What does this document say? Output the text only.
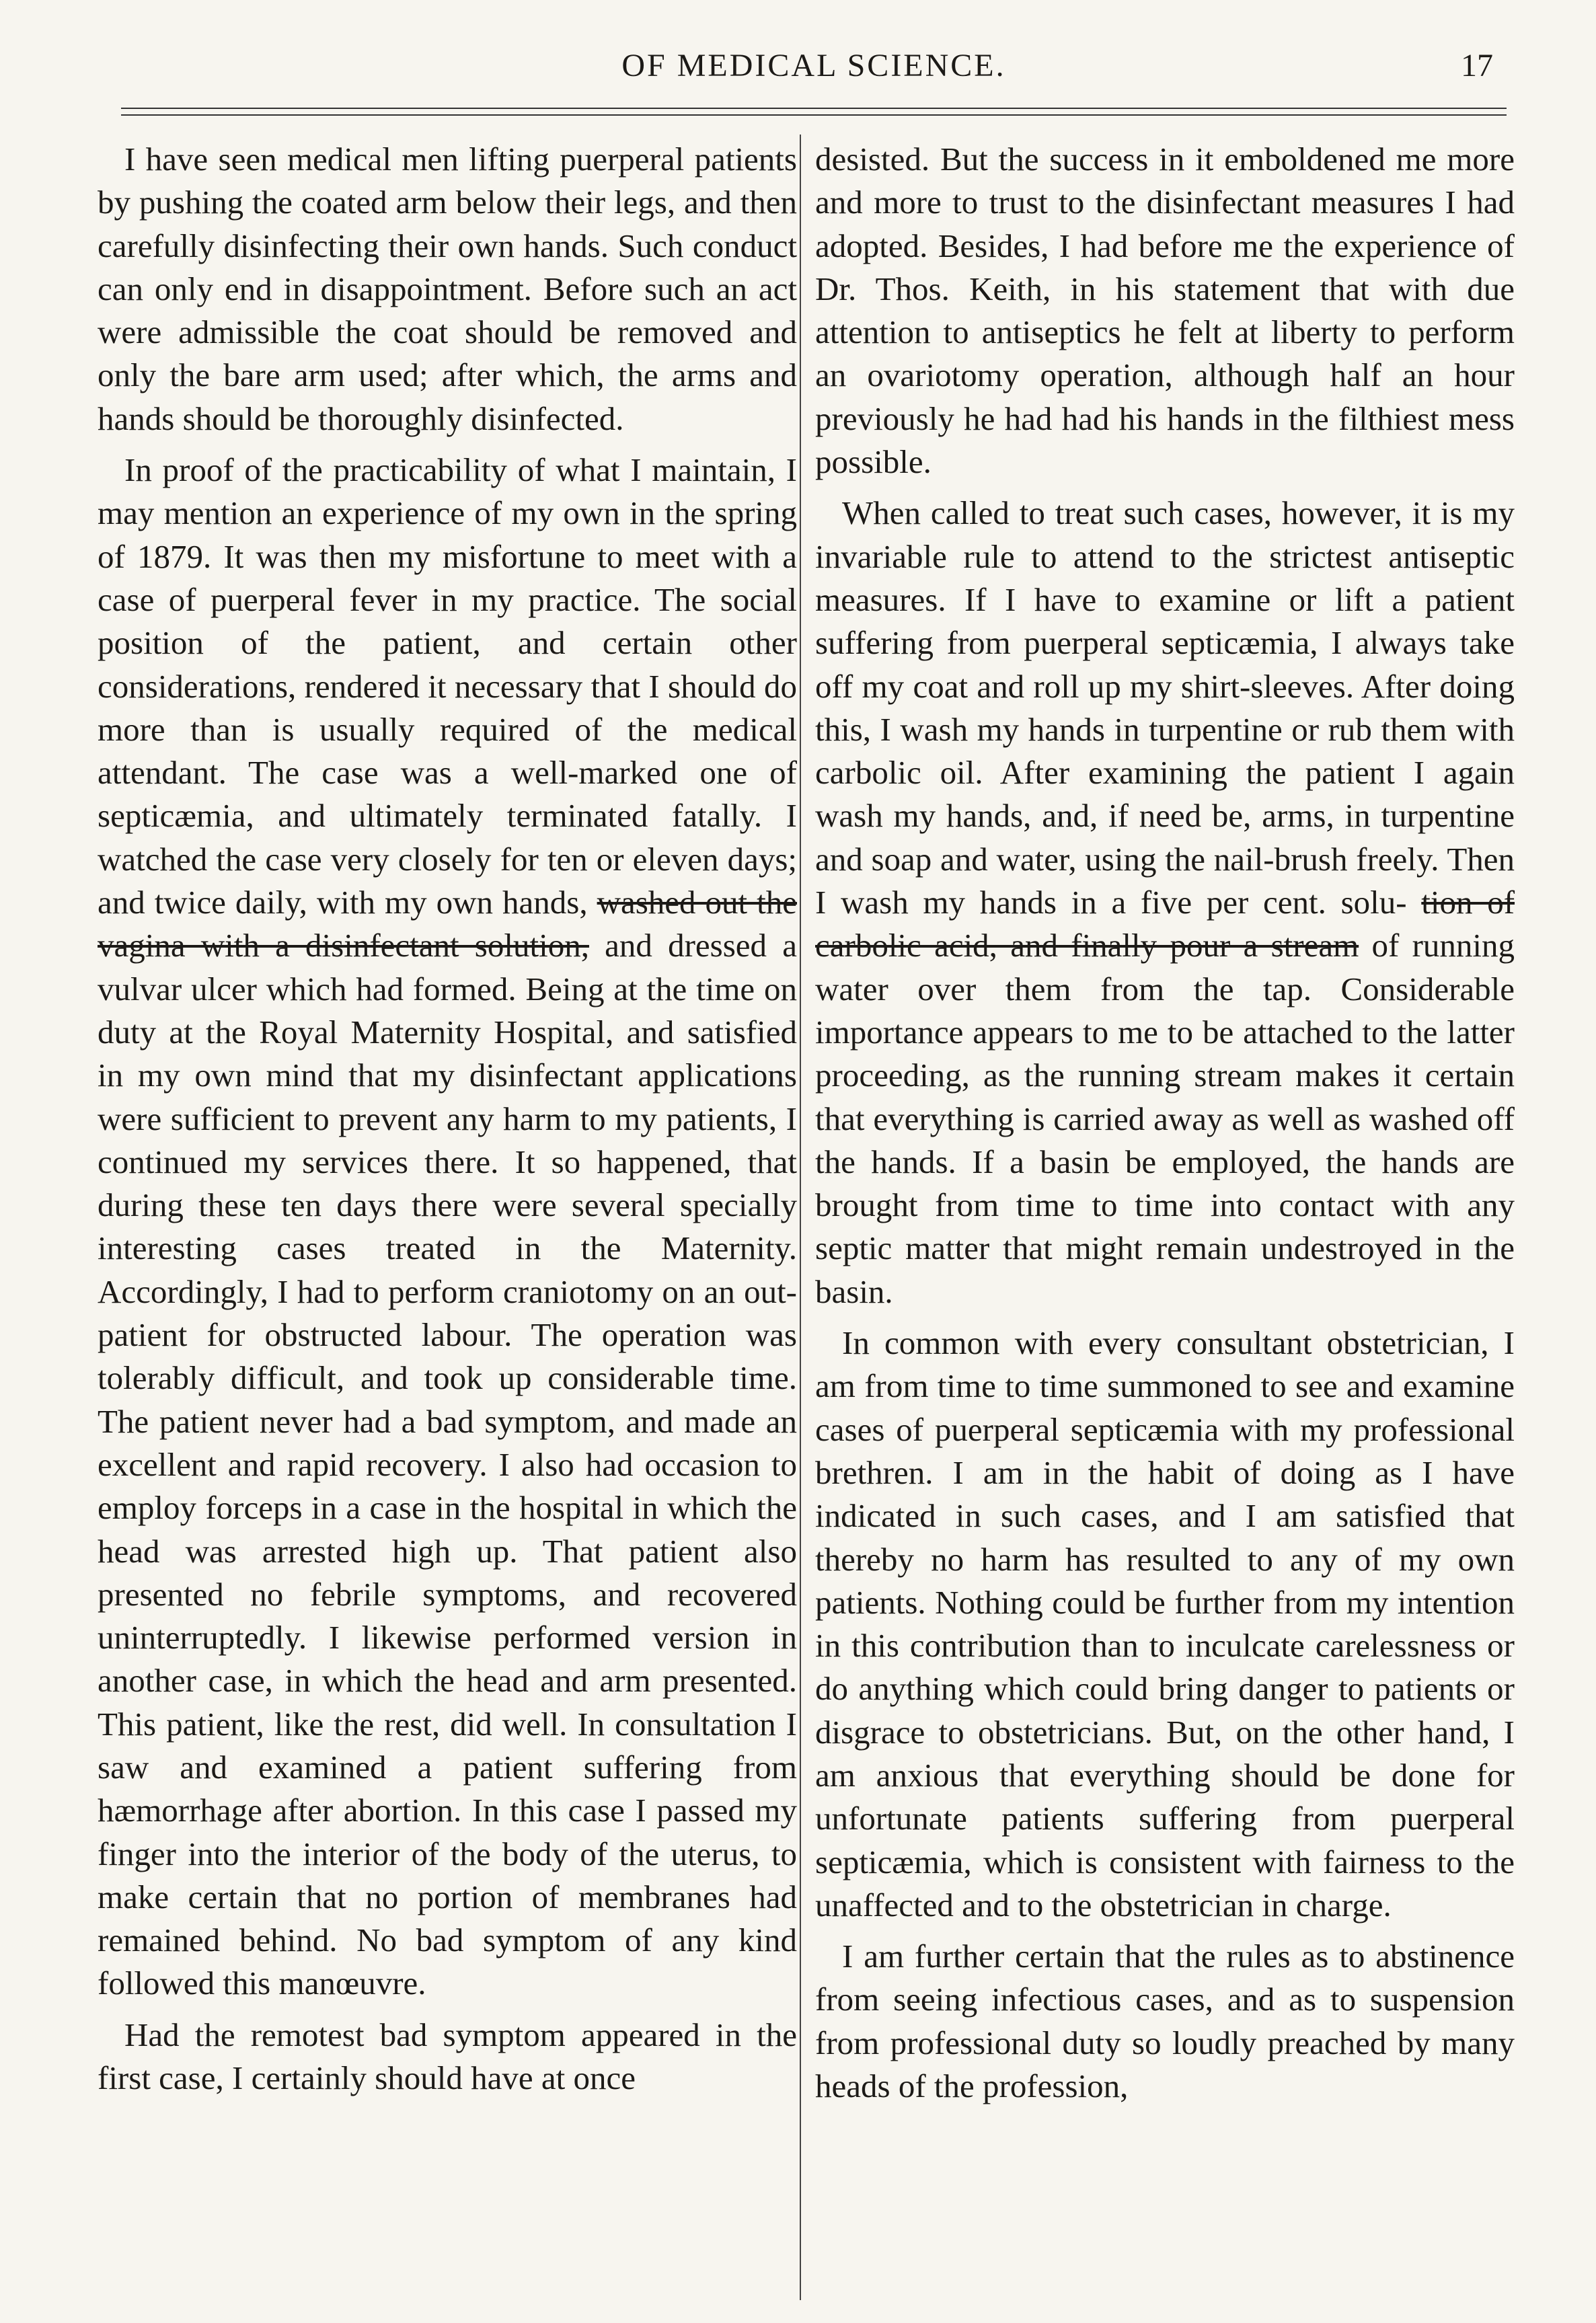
OF MEDICAL SCIENCE.	17

I have seen medical men lifting puerperal patients by pushing the coated arm below their legs, and then carefully disinfecting their own hands. Such conduct can only end in disappointment. Before such an act were admissible the coat should be removed and only the bare arm used; after which, the arms and hands should be thoroughly disinfected.

In proof of the practicability of what I maintain, I may mention an experience of my own in the spring of 1879. It was then my misfortune to meet with a case of puerperal fever in my practice. The social position of the patient, and certain other considerations, rendered it necessary that I should do more than is usually required of the medical attendant. The case was a well-marked one of septicæmia, and ultimately terminated fatally. I watched the case very closely for ten or eleven days; and twice daily, with my own hands, washed out the vagina with a disinfectant solution, and dressed a vulvar ulcer which had formed. Being at the time on duty at the Royal Maternity Hospital, and satisfied in my own mind that my disinfectant applications were sufficient to prevent any harm to my patients, I continued my services there. It so happened, that during these ten days there were several specially interesting cases treated in the Maternity. Accordingly, I had to perform craniotomy on an out-patient for obstructed labour. The operation was tolerably difficult, and took up considerable time. The patient never had a bad symptom, and made an excellent and rapid recovery. I also had occasion to employ forceps in a case in the hospital in which the head was arrested high up. That patient also presented no febrile symptoms, and recovered uninterruptedly. I likewise performed version in another case, in which the head and arm presented. This patient, like the rest, did well. In consultation I saw and examined a patient suffering from hæmorrhage after abortion. In this case I passed my finger into the interior of the body of the uterus, to make certain that no portion of membranes had remained behind. No bad symptom of any kind followed this manœuvre.

Had the remotest bad symptom appeared in the first case, I certainly should have at once

desisted. But the success in it emboldened me more and more to trust to the disinfectant measures I had adopted. Besides, I had before me the experience of Dr. Thos. Keith, in his statement that with due attention to antiseptics he felt at liberty to perform an ovariotomy operation, although half an hour previously he had had his hands in the filthiest mess possible.

When called to treat such cases, however, it is my invariable rule to attend to the strictest antiseptic measures. If I have to examine or lift a patient suffering from puerperal septicæmia, I always take off my coat and roll up my shirt-sleeves. After doing this, I wash my hands in turpentine or rub them with carbolic oil. After examining the patient I again wash my hands, and, if need be, arms, in turpentine and soap and water, using the nail-brush freely. Then I wash my hands in a five per cent. solu- tion of carbolic acid, and finally pour a stream of running water over them from the tap. Considerable importance appears to me to be attached to the latter proceeding, as the running stream makes it certain that everything is carried away as well as washed off the hands. If a basin be employed, the hands are brought from time to time into contact with any septic matter that might remain undestroyed in the basin.

In common with every consultant obstetrician, I am from time to time summoned to see and examine cases of puerperal septicæmia with my professional brethren. I am in the habit of doing as I have indicated in such cases, and I am satisfied that thereby no harm has resulted to any of my own patients. Nothing could be further from my intention in this contribution than to inculcate carelessness or do anything which could bring danger to patients or disgrace to obstetricians. But, on the other hand, I am anxious that everything should be done for unfortunate patients suffering from puerperal septicæmia, which is consistent with fairness to the unaffected and to the obstetrician in charge.

I am further certain that the rules as to abstinence from seeing infectious cases, and as to suspension from professional duty so loudly preached by many heads of the profession,
